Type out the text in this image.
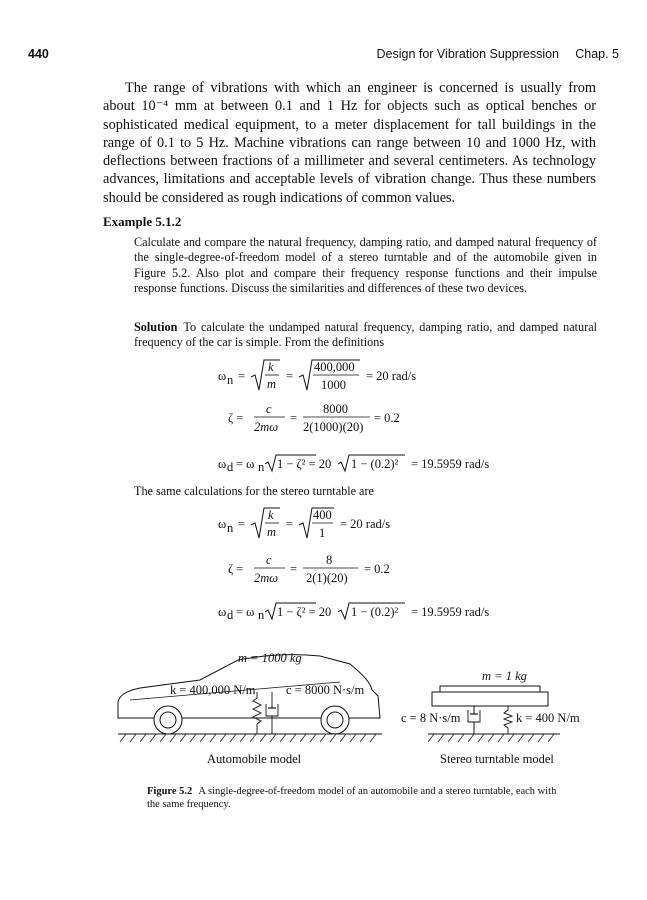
440	Design for Vibration Suppression Chap. 5
The range of vibrations with which an engineer is concerned is usually from about 10⁻⁴ mm at between 0.1 and 1 Hz for objects such as optical benches or sophisticated medical equipment, to a meter displacement for tall buildings in the range of 0.1 to 5 Hz. Machine vibrations can range between 10 and 1000 Hz, with deflections between fractions of a millimeter and several centimeters. As technology advances, limitations and acceptable levels of vibration change. Thus these numbers should be considered as rough indications of common values.
Example 5.1.2
Calculate and compare the natural frequency, damping ratio, and damped natural frequency of the single-degree-of-freedom model of a stereo turntable and of the automobile given in Figure 5.2. Also plot and compare their frequency response functions and their impulse response functions. Discuss the similarities and differences of these two devices.
Solution To calculate the undamped natural frequency, damping ratio, and damped natural frequency of the car is simple. From the definitions
ω n =
k
m
=
400,000
1000
= 20 rad/s
ζ =
c
2mω
=
8000
2(1000)(20)
= 0.2
ω d = ω n 1 − ζ² = 20 1 − (0.2)² = 19.5959 rad/s
The same calculations for the stereo turntable are
ω n =
k
m
=
400
1
= 20 rad/s
ζ =
c
2mω
=
8
2(1)(20)
= 0.2
ω d = ω n 1 − ζ² = 20 1 − (0.2)² = 19.5959 rad/s
m = 1000 kg
k = 400,000 N/m c = 8000 N·s/m
Automobile model
m = 1 kg
c = 8 N·s/m	k = 400 N/m
Stereo turntable model
Figure 5.2 A single-degree-of-freedom model of an automobile and a stereo turntable, each with the same frequency.
